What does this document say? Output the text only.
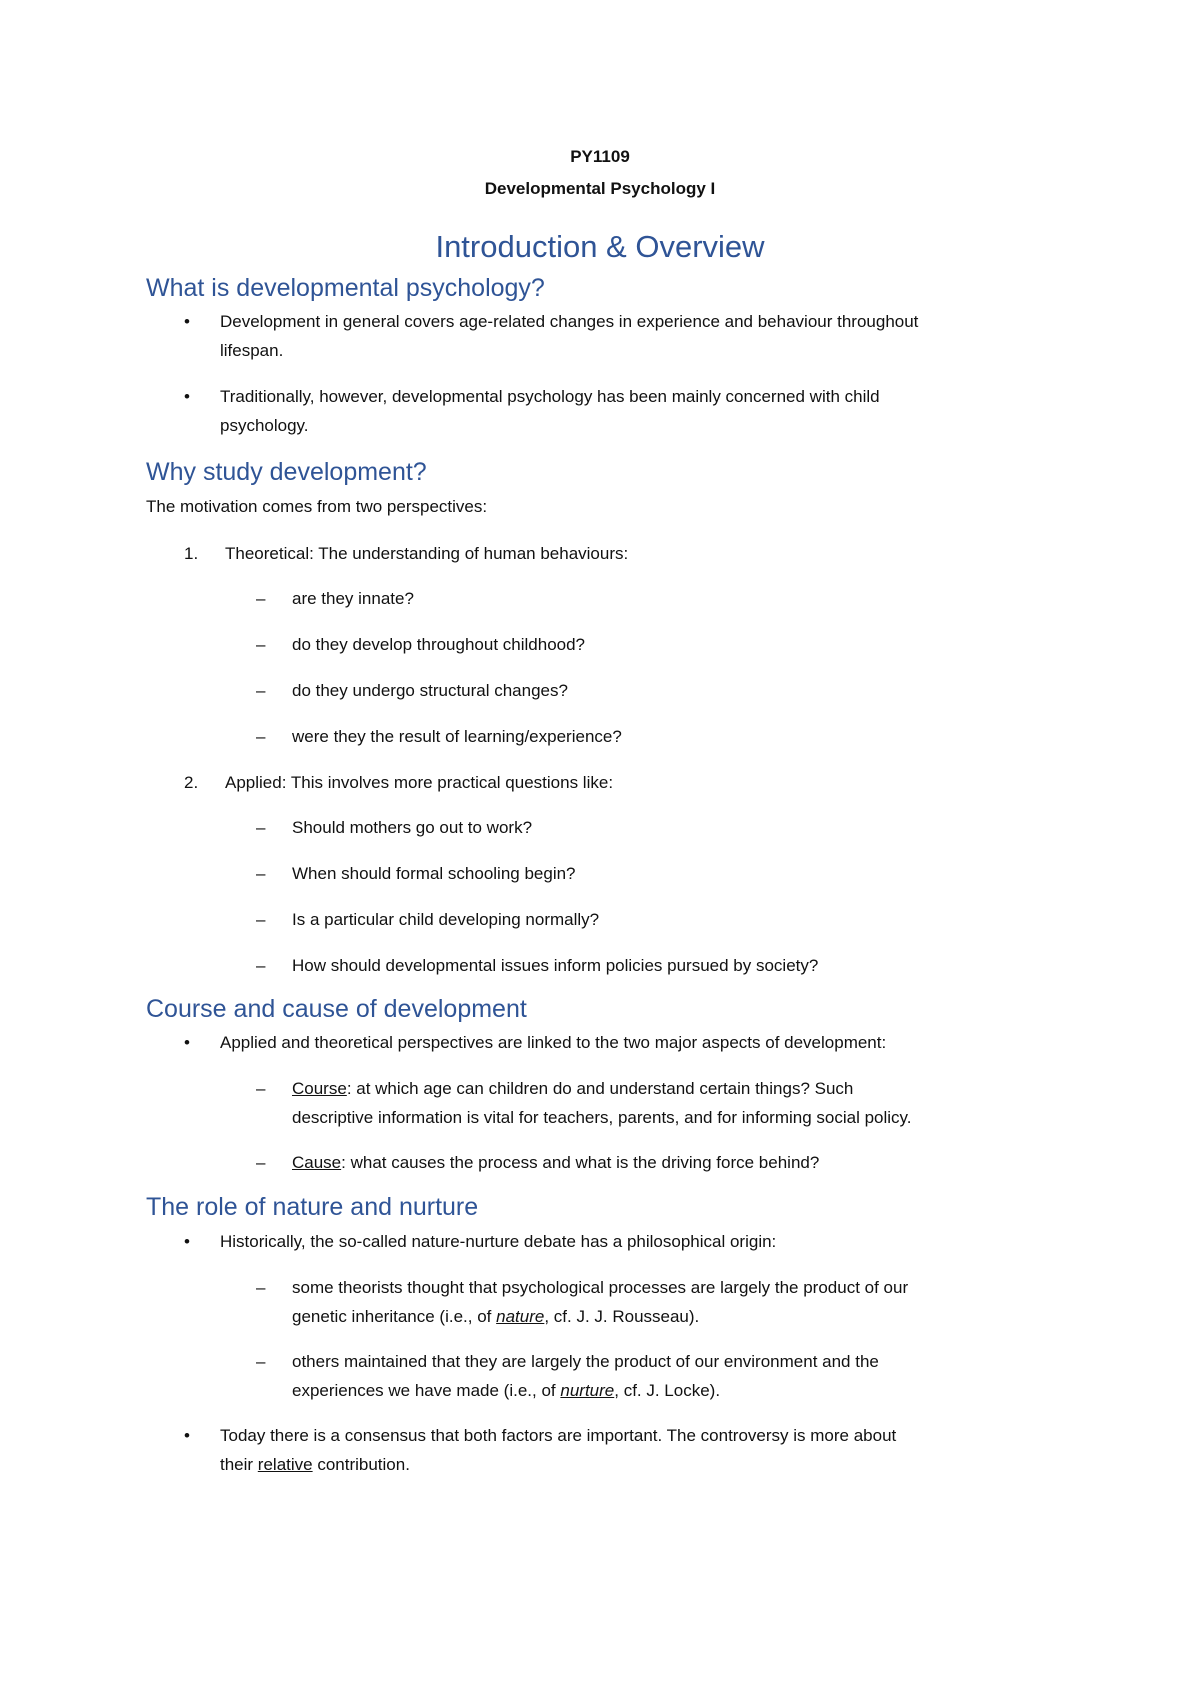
PY1109
Developmental Psychology I
Introduction & Overview
What is developmental psychology?
• Development in general covers age-related changes in experience and behaviour throughout

lifespan.

• Traditionally, however, developmental psychology has been mainly concerned with child

psychology.

Why study development?

The motivation comes from two perspectives:

1. Theoretical: The understanding of human behaviours:

– are they innate?

– do they develop throughout childhood?

– do they undergo structural changes?

– were they the result of learning/experience?

2. Applied: This involves more practical questions like:

– Should mothers go out to work?

– When should formal schooling begin?

– Is a particular child developing normally?

– How should developmental issues inform policies pursued by society?

Course and cause of development
• Applied and theoretical perspectives are linked to the two major aspects of development:

– Course: at which age can children do and understand certain things? Such

descriptive information is vital for teachers, parents, and for informing social policy.

– Cause: what causes the process and what is the driving force behind?

The role of nature and nurture
• Historically, the so-called nature-nurture debate has a philosophical origin:

– some theorists thought that psychological processes are largely the product of our

genetic inheritance (i.e., of nature, cf. J. J. Rousseau).

– others maintained that they are largely the product of our environment and the

experiences we have made (i.e., of nurture, cf. J. Locke).

• Today there is a consensus that both factors are important. The controversy is more about

their relative contribution.
